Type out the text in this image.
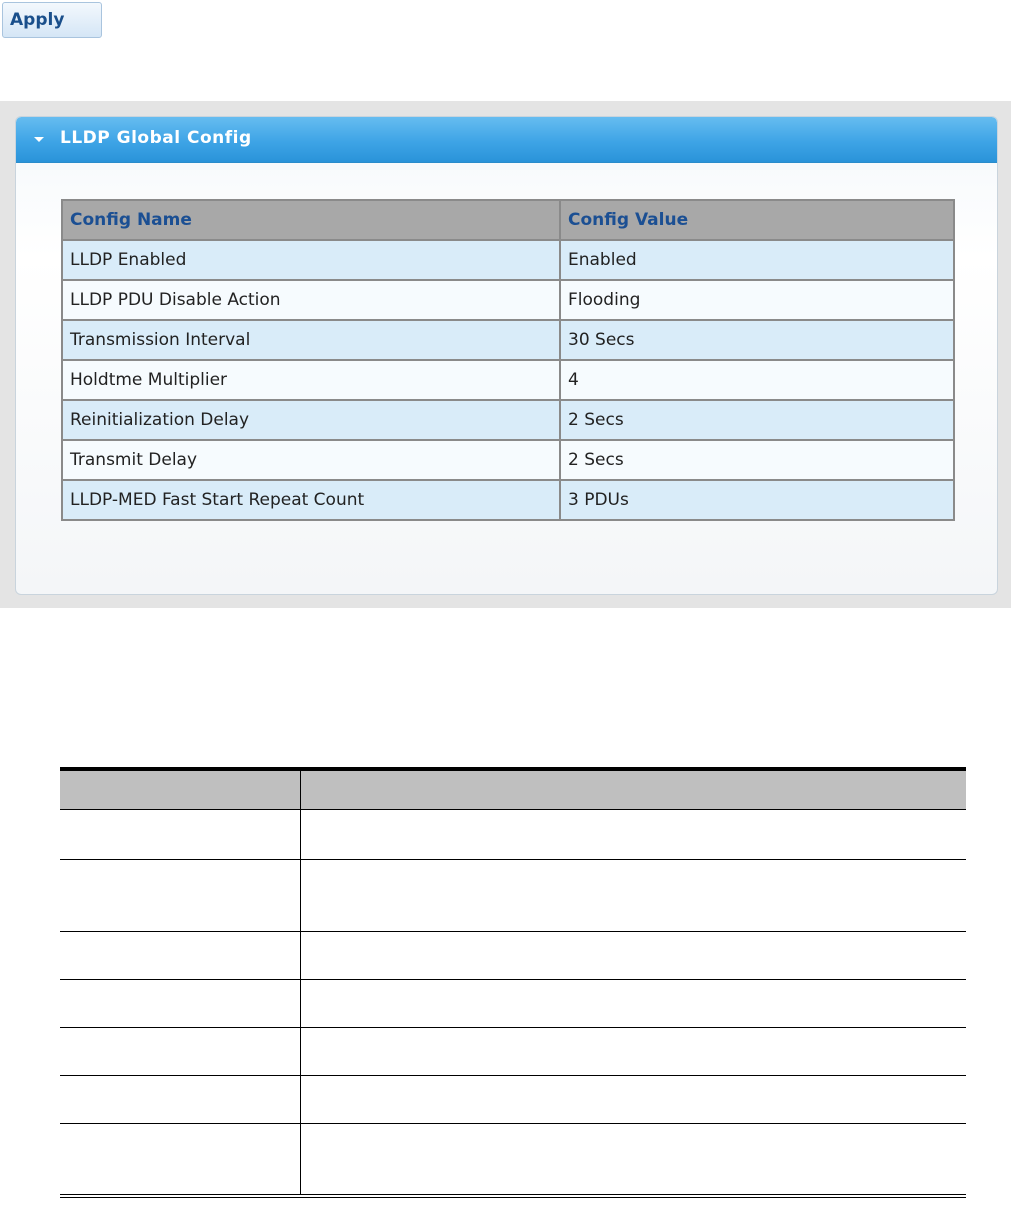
Apply
LLDP Global Config
Config Name	Config Value
LLDP Enabled	Enabled
LLDP PDU Disable Action	Flooding
Transmission Interval	30 Secs
Holdtme Multiplier	4
Reinitialization Delay	2 Secs
Transmit Delay	2 Secs
LLDP-MED Fast Start Repeat Count	3 PDUs
